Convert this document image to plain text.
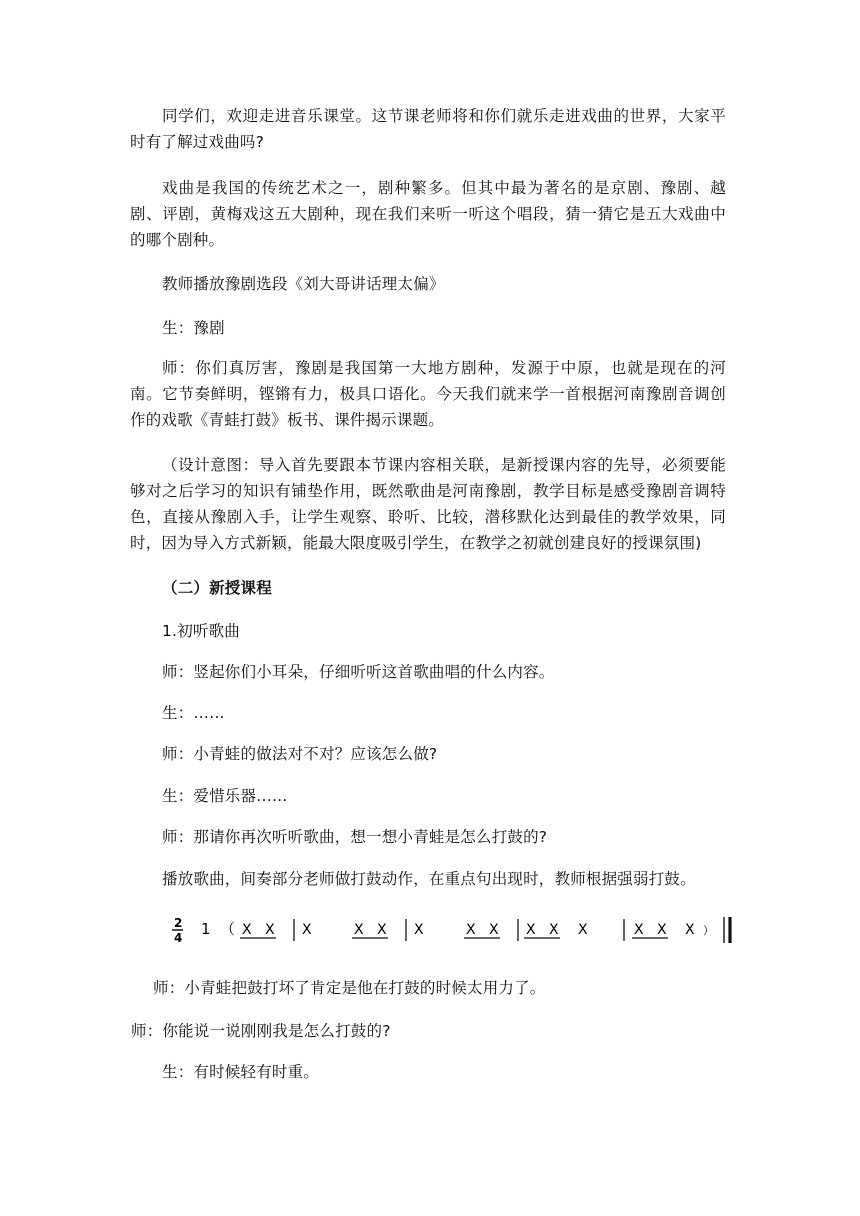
同学们，欢迎走进音乐课堂。这节课老师将和你们就乐走进戏曲的世界，大家平时有了解过戏曲吗?

戏曲是我国的传统艺术之一，剧种繁多。但其中最为著名的是京剧、豫剧、越剧、评剧，黄梅戏这五大剧种，现在我们来听一听这个唱段，猜一猜它是五大戏曲中的哪个剧种。

教师播放豫剧选段《刘大哥讲话理太偏》
生：豫剧

师：你们真厉害，豫剧是我国第一大地方剧种，发源于中原，也就是现在的河南。它节奏鲜明，铿锵有力，极具口语化。今天我们就来学一首根据河南豫剧音调创作的戏歌《青蛙打鼓》板书、课件揭示课题。

（设计意图：导入首先要跟本节课内容相关联，是新授课内容的先导，必须要能够对之后学习的知识有铺垫作用，既然歌曲是河南豫剧，教学目标是感受豫剧音调特色，直接从豫剧入手，让学生观察、聆听、比较，潜移默化达到最佳的教学效果，同时，因为导入方式新颖，能最大限度吸引学生，在教学之初就创建良好的授课氛围)

（二）新授课程
1.初听歌曲
师：竖起你们小耳朵，仔细听听这首歌曲唱的什么内容。
生：……
师：小青蛙的做法对不对？应该怎么做?
生：爱惜乐器……
师：那请你再次听听歌曲，想一想小青蛙是怎么打鼓的?
播放歌曲，间奏部分老师做打鼓动作，在重点句出现时，教师根据强弱打鼓。
2
4 1 （ X X X	X X X	X X X X X	X X X ）
师：小青蛙把鼓打坏了肯定是他在打鼓的时候太用力了。
师：你能说一说刚刚我是怎么打鼓的?
生：有时候轻有时重。
